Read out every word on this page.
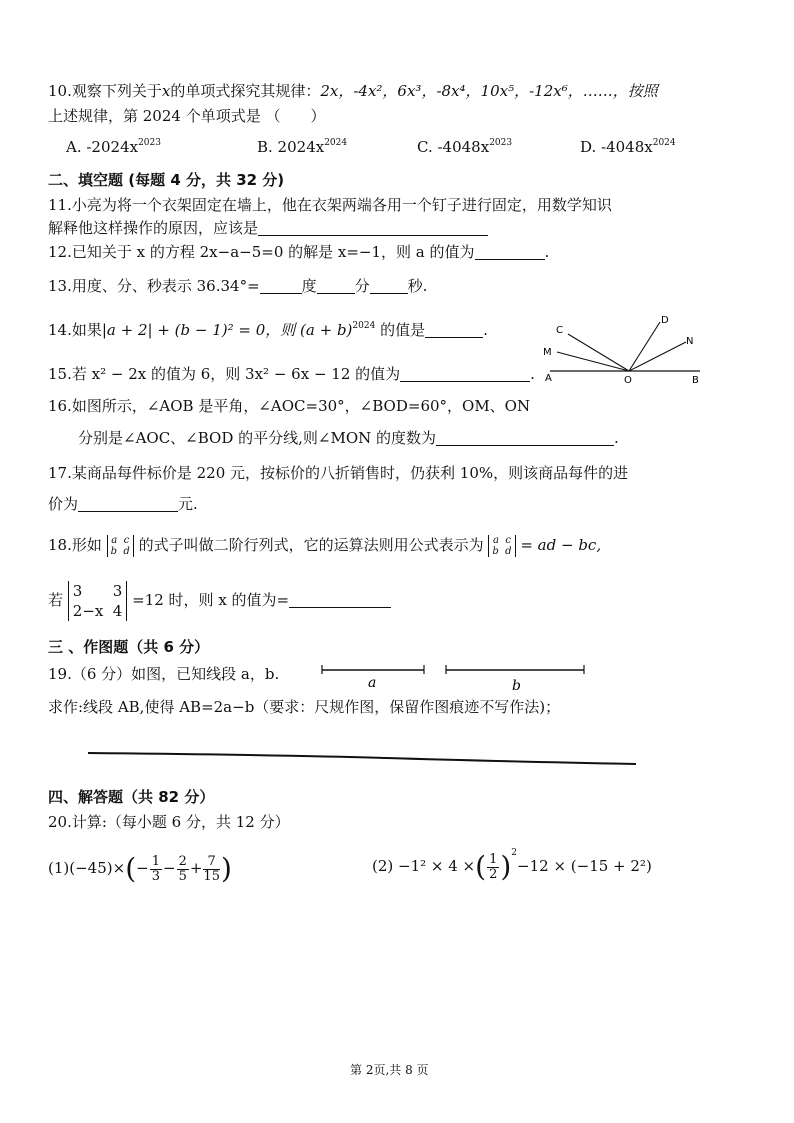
10.观察下列关于x的单项式探究其规律：2x，-4x²，6x³，-8x⁴，10x⁵，-12x⁶，……，按照
上述规律，第 2024 个单项式是 （　　）
A. $-2024x^{2023}$	B. $2024x^{2024}$	C. $-4048x^{2023}$	D. $-4048x^{2024}$
二、填空题 (每题 4 分，共 32 分)
11.小亮为将一个衣架固定在墙上，他在衣架两端各用一个钉子进行固定，用数学知识
解释他这样操作的原因，应该是
12.已知关于 x 的方程 2x−a−5=0 的解是 x=−1，则 a 的值为	.
13.用度、分、秒表示 36.34°=	度	分	秒.
14.如果|a + 2| + (b − 1)² = 0，则 $(a + b)^{2024}$ 的值是	.	C
D
M
N
A	O	B
15.若 x² − 2x 的值为 6，则 3x² − 6x − 12 的值为	.
16.如图所示，∠AOB 是平角，∠AOC=30°，∠BOD=60°，OM、ON
分别是∠AOC、∠BOD 的平分线,则∠MON 的度数为	.
17.某商品每件标价是 220 元，按标价的八折销售时，仍获利 10%，则该商品每件的进
价为	元.
18.形如 a c
b d 的式子叫做二阶行列式，它的运算法则用公式表示为 a c
b d = ad − bc,
若 3 3
2−x 4 =12 时，则 x 的值为=
三 、作图题（共 6 分）
19.（6 分）如图，已知线段 a，b.	a	b
求作:线段 AB,使得 AB=2a−b（要求：尺规作图，保留作图痕迹不写作法)；
四、解答题（共 82 分）
20.计算:（每小题 6 分，共 12 分）
$(1)(-45)\times(- \frac{1}{3} - \frac{2}{5} + \frac{7}{15}$ )	(2) −1² × 4 ×( $\frac{1}{2} )^2-12 \times (-15 + 2^2)$
第 2页,共 8 页
